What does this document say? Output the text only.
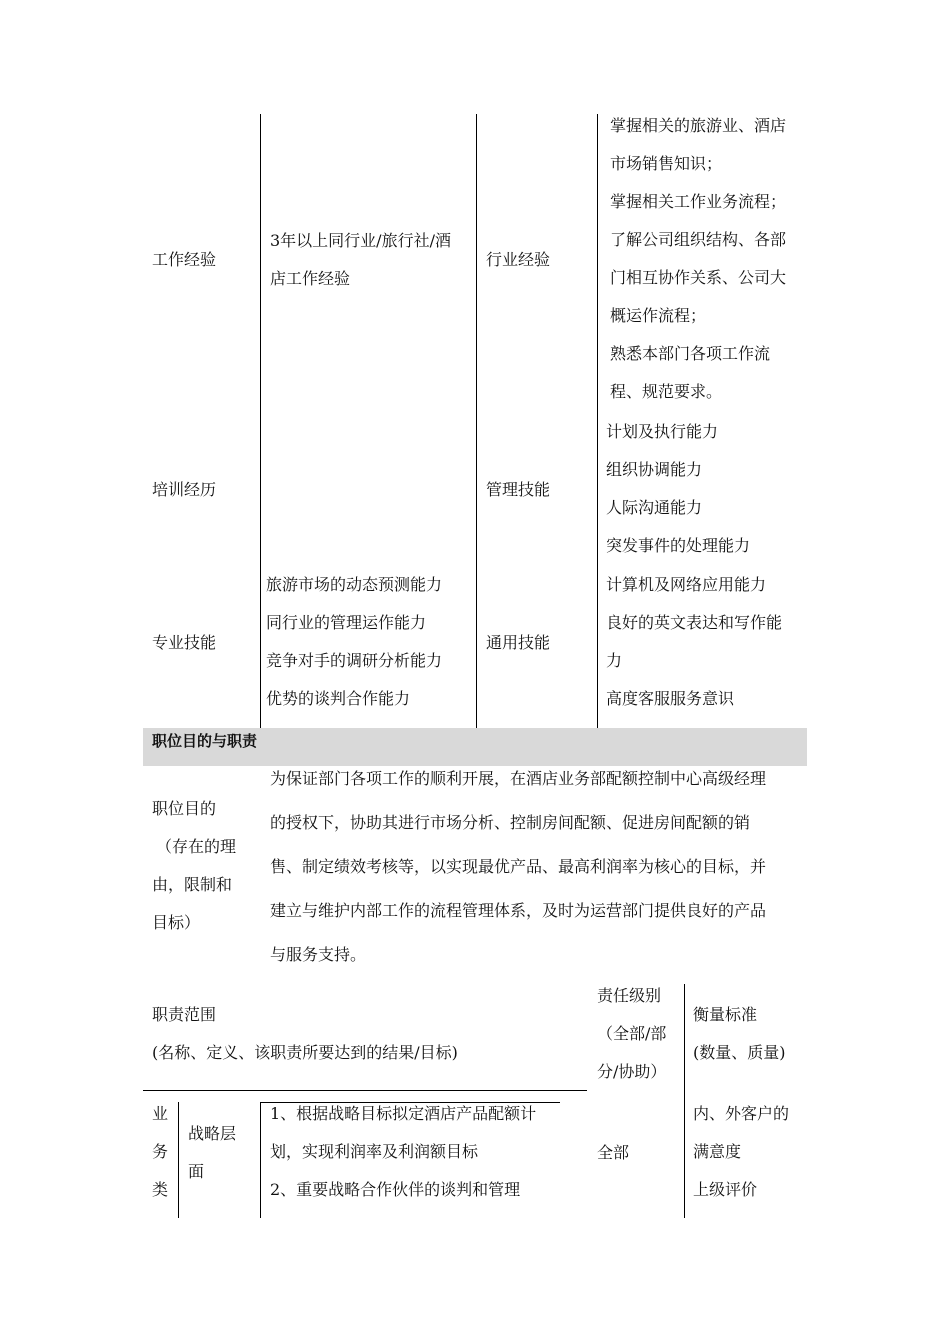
工作经验
3年以上同行业/旅行社/酒
店工作经验
行业经验
掌握相关的旅游业、酒店
市场销售知识；
掌握相关工作业务流程；
了解公司组织结构、各部
门相互协作关系、公司大
概运作流程；
熟悉本部门各项工作流
程、规范要求。
培训经历	管理技能
计划及执行能力
组织协调能力
人际沟通能力
突发事件的处理能力
专业技能
旅游市场的动态预测能力
同行业的管理运作能力
竞争对手的调研分析能力
优势的谈判合作能力
通用技能
计算机及网络应用能力
良好的英文表达和写作能
力
高度客服服务意识
职位目的与职责
职位目的
（存在的理
由，限制和
目标）
为保证部门各项工作的顺利开展，在酒店业务部配额控制中心高级经理
的授权下，协助其进行市场分析、控制房间配额、促进房间配额的销
售、制定绩效考核等，以实现最优产品、最高利润率为核心的目标，并
建立与维护内部工作的流程管理体系，及时为运营部门提供良好的产品
与服务支持。
职责范围
(名称、定义、该职责所要达到的结果/目标)
责任级别
（全部/部
分/协助）
衡量标准
(数量、质量)
业
务
类
战略层
面
1、根据战略目标拟定酒店产品配额计
划，实现利润率及利润额目标
2、重要战略合作伙伴的谈判和管理
全部
内、外客户的
满意度
上级评价
